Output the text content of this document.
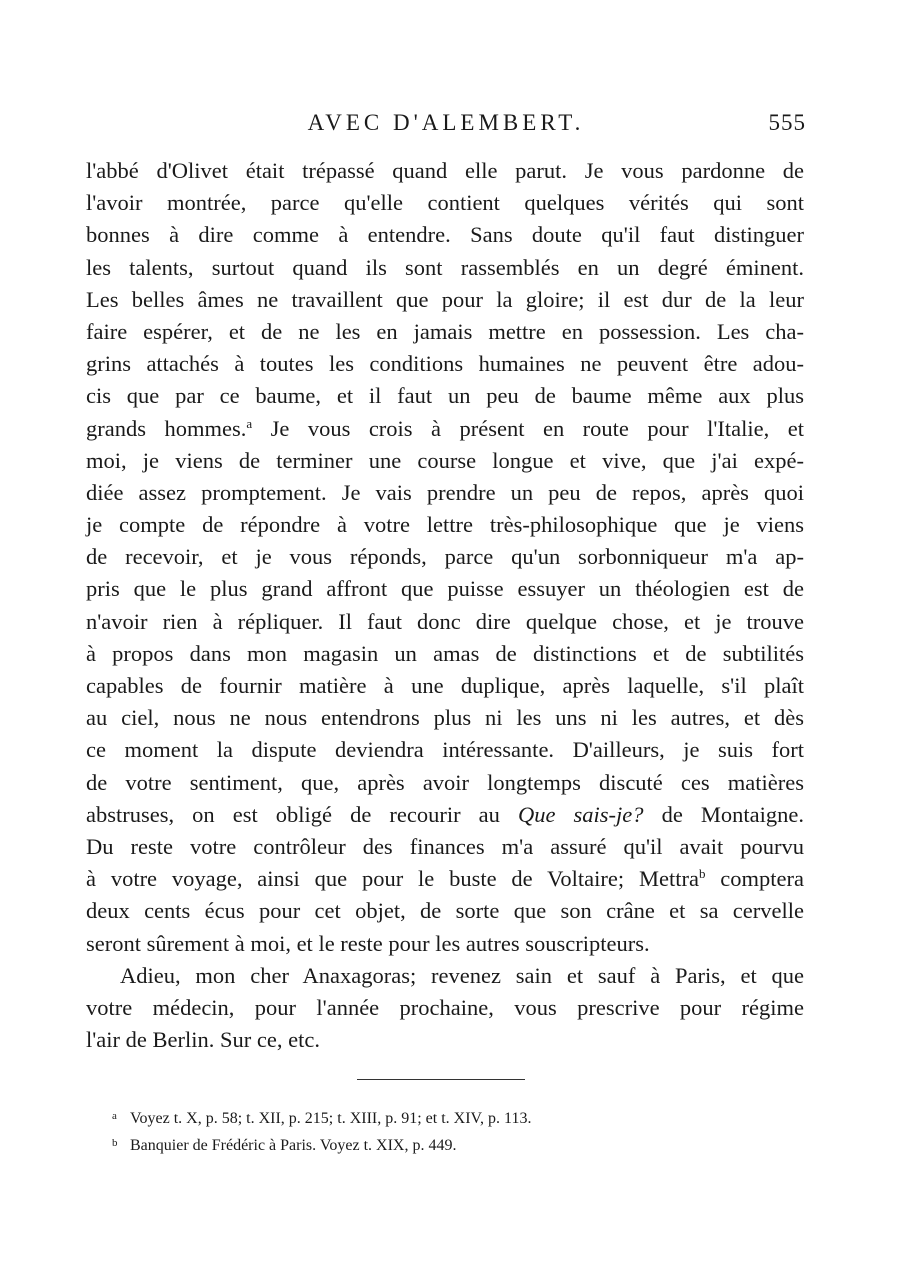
AVEC D'ALEMBERT.	555
l'abbé d'Olivet était trépassé quand elle parut. Je vous pardonne de
l'avoir montrée, parce qu'elle contient quelques vérités qui sont
bonnes à dire comme à entendre. Sans doute qu'il faut distinguer
les talents, surtout quand ils sont rassemblés en un degré éminent.
Les belles âmes ne travaillent que pour la gloire; il est dur de la leur
faire espérer, et de ne les en jamais mettre en possession. Les cha-
grins attachés à toutes les conditions humaines ne peuvent être adou-
cis que par ce baume, et il faut un peu de baume même aux plus
grands hommes.$^a$ Je vous crois à présent en route pour l'Italie, et
moi, je viens de terminer une course longue et vive, que j'ai expé-
diée assez promptement. Je vais prendre un peu de repos, après quoi
je compte de répondre à votre lettre très-philosophique que je viens
de recevoir, et je vous réponds, parce qu'un sorbonniqueur m'a ap-
pris que le plus grand affront que puisse essuyer un théologien est de
n'avoir rien à répliquer. Il faut donc dire quelque chose, et je trouve
à propos dans mon magasin un amas de distinctions et de subtilités
capables de fournir matière à une duplique, après laquelle, s'il plaît
au ciel, nous ne nous entendrons plus ni les uns ni les autres, et dès
ce moment la dispute deviendra intéressante. D'ailleurs, je suis fort
de votre sentiment, que, après avoir longtemps discuté ces matières
abstruses, on est obligé de recourir au Que sais-je? de Montaigne.
Du reste votre contrôleur des finances m'a assuré qu'il avait pourvu
à votre voyage, ainsi que pour le buste de Voltaire; Mettra$^b$ comptera
deux cents écus pour cet objet, de sorte que son crâne et sa cervelle
seront sûrement à moi, et le reste pour les autres souscripteurs.
Adieu, mon cher Anaxagoras; revenez sain et sauf à Paris, et que
votre médecin, pour l'année prochaine, vous prescrive pour régime
l'air de Berlin. Sur ce, etc.
a Voyez t. X, p. 58; t. XII, p. 215; t. XIII, p. 91; et t. XIV, p. 113.
b Banquier de Frédéric à Paris. Voyez t. XIX, p. 449.
